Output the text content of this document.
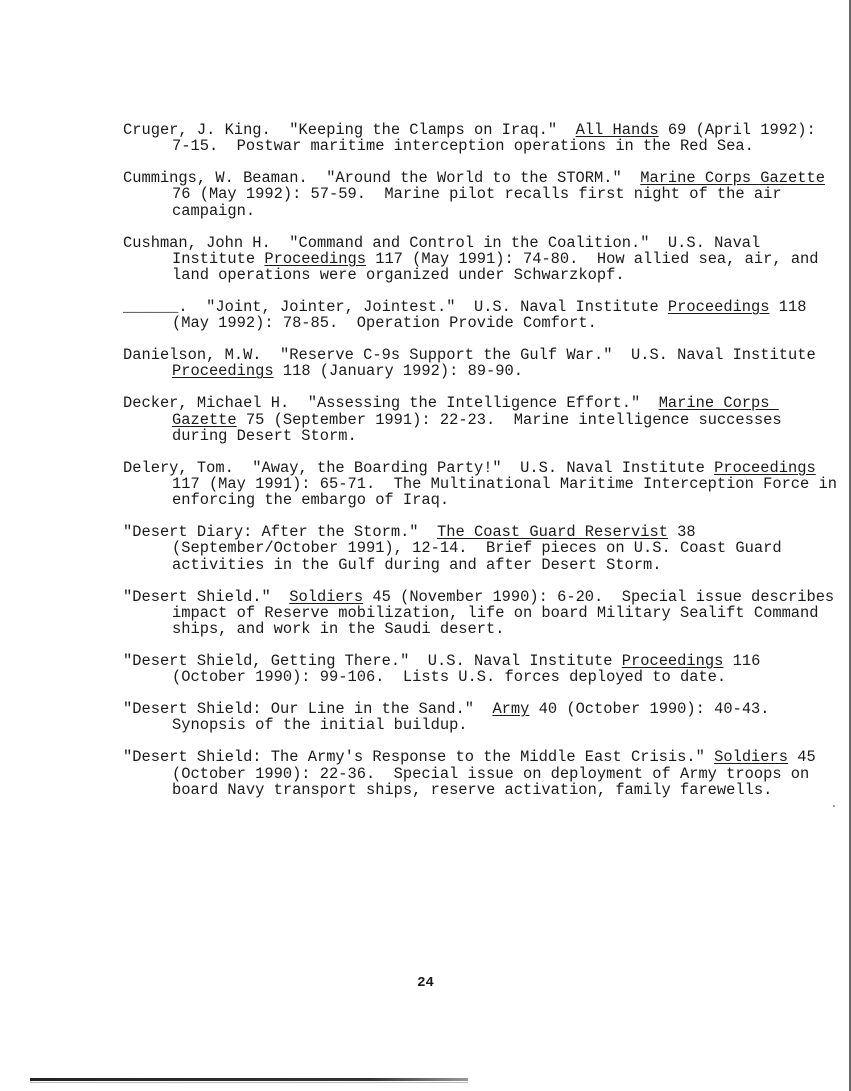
Cruger, J. King.  "Keeping the Clamps on Iraq."  All Hands 69 (April 1992): 7-15.  Postwar maritime interception operations in the Red Sea.

Cummings, W. Beaman.  "Around the World to the STORM."  Marine Corps Gazette 76 (May 1992): 57-59.  Marine pilot recalls first night of the air campaign.

Cushman, John H.  "Command and Control in the Coalition."  U.S. Naval Institute Proceedings 117 (May 1991): 74-80.  How allied sea, air, and land operations were organized under Schwarzkopf.

______.  "Joint, Jointer, Jointest."  U.S. Naval Institute Proceedings 118 (May 1992): 78-85.  Operation Provide Comfort.

Danielson, M.W.  "Reserve C-9s Support the Gulf War."  U.S. Naval Institute Proceedings 118 (January 1992): 89-90.

Decker, Michael H.  "Assessing the Intelligence Effort."  Marine Corps Gazette 75 (September 1991): 22-23.  Marine intelligence successes during Desert Storm.

Delery, Tom.  "Away, the Boarding Party!"  U.S. Naval Institute Proceedings 117 (May 1991): 65-71.  The Multinational Maritime Interception Force in enforcing the embargo of Iraq.

"Desert Diary: After the Storm."  The Coast Guard Reservist 38 (September/October 1991), 12-14.  Brief pieces on U.S. Coast Guard activities in the Gulf during and after Desert Storm.

"Desert Shield."  Soldiers 45 (November 1990): 6-20.  Special issue describes impact of Reserve mobilization, life on board Military Sealift Command ships, and work in the Saudi desert.

"Desert Shield, Getting There."  U.S. Naval Institute Proceedings 116 (October 1990): 99-106.  Lists U.S. forces deployed to date.

"Desert Shield: Our Line in the Sand."  Army 40 (October 1990): 40-43.  Synopsis of the initial buildup.

"Desert Shield: The Army's Response to the Middle East Crisis." Soldiers 45 (October 1990): 22-36.  Special issue on deployment of Army troops on board Navy transport ships, reserve activation, family farewells.

24
